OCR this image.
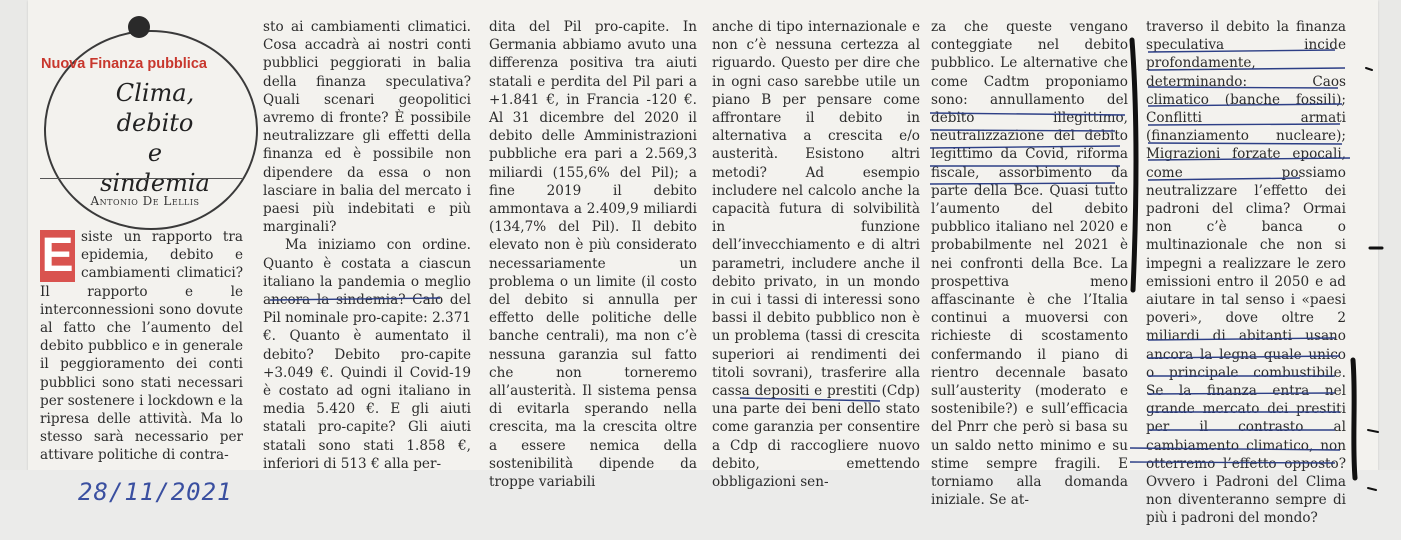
Nuova Finanza pubblica
Clima,
debito
e sindemia
Antonio De Lellis

E siste un rapporto tra epidemia, debito e cambiamenti climatici? Il rapporto e le interconnessioni sono dovute al fatto che l’aumento del debito pubblico e in generale il peggioramento dei conti pubblici sono stati necessari per sostenere i lockdown e la ripresa delle attività. Ma lo stesso sarà necessario per attivare politiche di contra-

sto ai cambiamenti climatici. Cosa accadrà ai nostri conti pubblici peggiorati in balia della finanza speculativa? Quali scenari geopolitici avremo di fronte? È possibile neutralizzare gli effetti della finanza ed è possibile non dipendere da essa o non lasciare in balia del mercato i paesi più indebitati e più marginali?

Ma iniziamo con ordine. Quanto è costata a ciascun italiano la pandemia o meglio ancora la sindemia? Calo del Pil nominale pro-capite: 2.371 €. Quanto è aumentato il debito? Debito pro-capite +3.049 €. Quindi il Covid-19 è costato ad ogni italiano in media 5.420 €. E gli aiuti statali pro-capite? Gli aiuti statali sono stati 1.858 €, inferiori di 513 € alla per-

dita del Pil pro-capite. In Germania abbiamo avuto una differenza positiva tra aiuti statali e perdita del Pil pari a +1.841 €, in Francia -120 €. Al 31 dicembre del 2020 il debito delle Amministrazioni pubbliche era pari a 2.569,3 miliardi (155,6% del Pil); a fine 2019 il debito ammontava a 2.409,9 miliardi (134,7% del Pil). Il debito elevato non è più considerato necessariamente un problema o un limite (il costo del debito si annulla per effetto delle politiche delle banche centrali), ma non c’è nessuna garanzia sul fatto che non torneremo all’austerità. Il sistema pensa di evitarla sperando nella crescita, ma la crescita oltre a essere nemica della sostenibilità dipende da troppe variabili

anche di tipo internazionale e non c’è nessuna certezza al riguardo. Questo per dire che in ogni caso sarebbe utile un piano B per pensare come affrontare il debito in alternativa a crescita e/o austerità. Esistono altri metodi? Ad esempio includere nel calcolo anche la capacità futura di solvibilità in funzione dell’invecchiamento e di altri parametri, includere anche il debito privato, in un mondo in cui i tassi di interessi sono bassi il debito pubblico non è un problema (tassi di crescita superiori ai rendimenti dei titoli sovrani), trasferire alla cassa depositi e prestiti (Cdp) una parte dei beni dello stato come garanzia per consentire a Cdp di raccogliere nuovo debito, emettendo obbligazioni sen-

za che queste vengano conteggiate nel debito pubblico. Le alternative che come Cadtm proponiamo sono: annullamento del debito illegittimo, neutralizzazione del debito legittimo da Covid, riforma fiscale, assorbimento da parte della Bce. Quasi tutto l’aumento del debito pubblico italiano nel 2020 e probabilmente nel 2021 è nei confronti della Bce. La prospettiva meno affascinante è che l’Italia continui a muoversi con richieste di scostamento confermando il piano di rientro decennale basato sull’austerity (moderato e sostenibile?) e sull’efficacia del Pnrr che però si basa su un saldo netto minimo e su stime sempre fragili. E torniamo alla domanda iniziale. Se at-

traverso il debito la finanza speculativa incide profondamente, determinando: Caos climatico (banche fossili); Conflitti armati (finanziamento nucleare); Migrazioni forzate epocali, come possiamo neutralizzare l’effetto dei padroni del clima? Ormai non c’è banca o multinazionale che non si impegni a realizzare le zero emissioni entro il 2050 e ad aiutare in tal senso i «paesi poveri», dove oltre 2 miliardi di abitanti usano ancora la legna quale unico o principale combustibile. Se la finanza entra nel grande mercato dei prestiti per il contrasto al cambiamento climatico, non otterremo l’effetto opposto? Ovvero i Padroni del Clima non diventeranno sempre di più i padroni del mondo?

28/11/2021
